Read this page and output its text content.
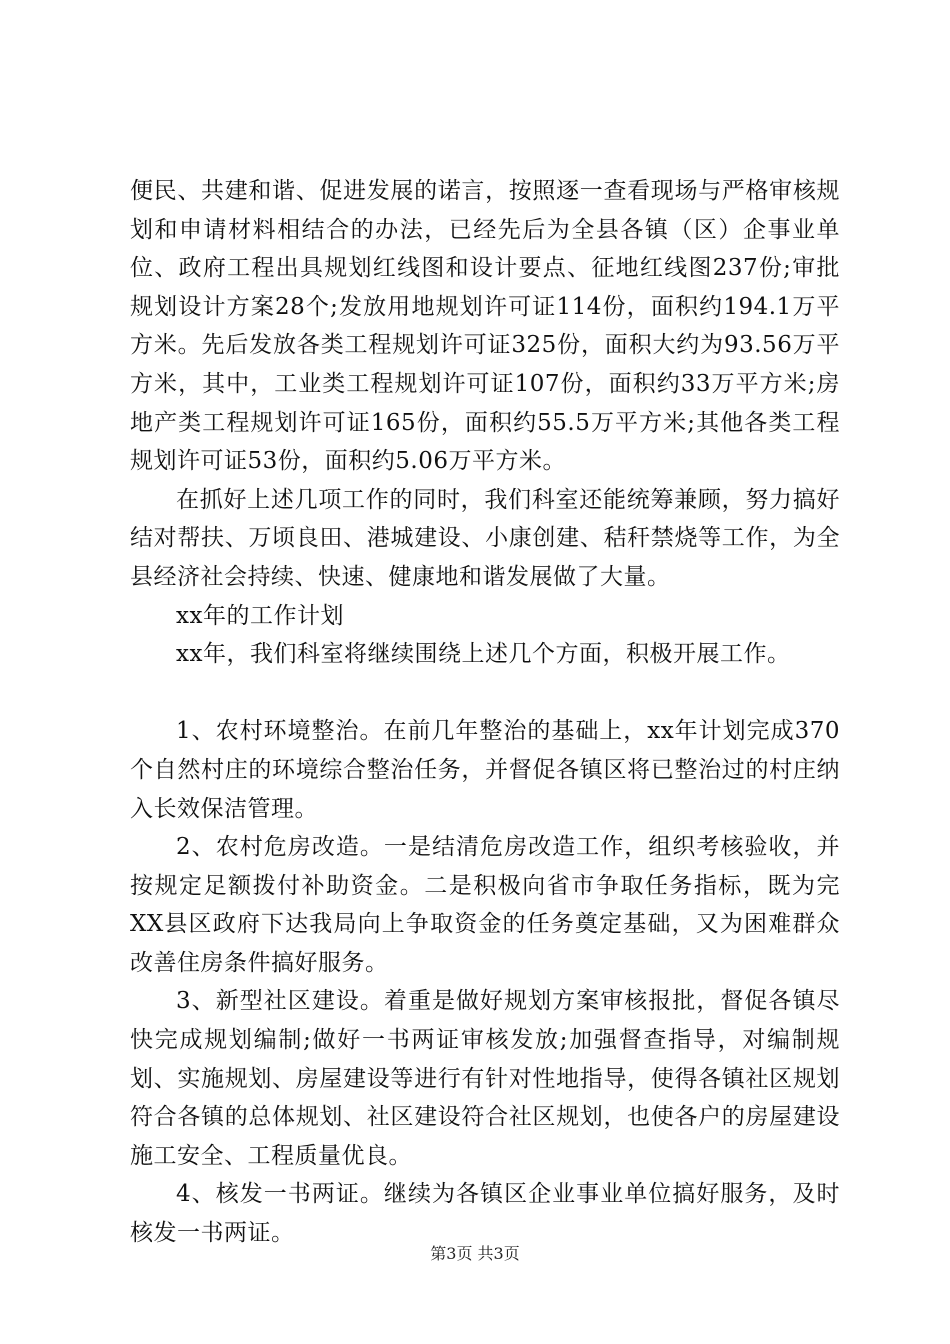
便民、共建和谐、促进发展的诺言，按照逐一查看现场与严格审核规划和申请材料相结合的办法，已经先后为全县各镇（区）企事业单位、政府工程出具规划红线图和设计要点、征地红线图237份;审批规划设计方案28个;发放用地规划许可证114份，面积约194.1万平方米。先后发放各类工程规划许可证325份，面积大约为93.56万平方米，其中，工业类工程规划许可证107份，面积约33万平方米;房地产类工程规划许可证165份，面积约55.5万平方米;其他各类工程规划许可证53份，面积约5.06万平方米。

在抓好上述几项工作的同时，我们科室还能统筹兼顾，努力搞好结对帮扶、万顷良田、港城建设、小康创建、秸秆禁烧等工作，为全县经济社会持续、快速、健康地和谐发展做了大量。

xx年的工作计划

xx年，我们科室将继续围绕上述几个方面，积极开展工作。

1、农村环境整治。在前几年整治的基础上，xx年计划完成370个自然村庄的环境综合整治任务，并督促各镇区将已整治过的村庄纳入长效保洁管理。

2、农村危房改造。一是结清危房改造工作，组织考核验收，并按规定足额拨付补助资金。二是积极向省市争取任务指标，既为完XX县区政府下达我局向上争取资金的任务奠定基础，又为困难群众改善住房条件搞好服务。

3、新型社区建设。着重是做好规划方案审核报批，督促各镇尽快完成规划编制;做好一书两证审核发放;加强督查指导，对编制规划、实施规划、房屋建设等进行有针对性地指导，使得各镇社区规划符合各镇的总体规划、社区建设符合社区规划，也使各户的房屋建设施工安全、工程质量优良。

4、核发一书两证。继续为各镇区企业事业单位搞好服务，及时核发一书两证。

第3页 共3页
